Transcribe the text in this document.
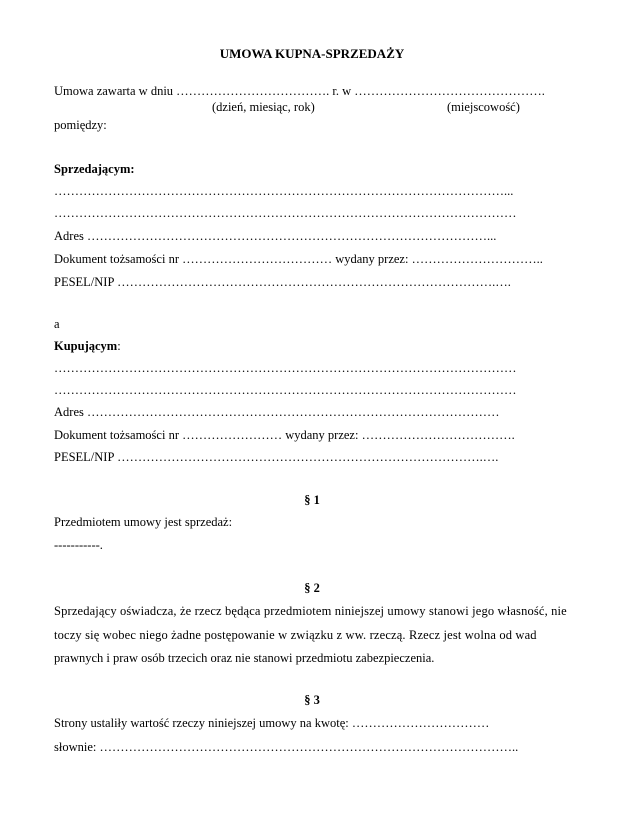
UMOWA KUPNA-SPRZEDAŻY

Umowa zawarta w dniu ………………………………. r. w ……………………………………….

(dzień, miesiąc, rok)	(miejscowość)

pomiędzy:

Sprzedającym:

………………………………………………………………………………………………...

…………………………………………………………………………………………………

Adres ……………………………………………………………………………………...

Dokument tożsamości nr ……………………………… wydany przez: …………………………..

PESEL/NIP ……………………………………………………………………………….….

a

Kupującym:

…………………………………………………………………………………………………

…………………………………………………………………………………………………

Adres ………………………………………………………………………………………

Dokument tożsamości nr …………………… wydany przez: ……………………………….

PESEL/NIP …………………………………………………………………………….….

§ 1

Przedmiotem umowy jest sprzedaż:

-----------.

§ 2

Sprzedający oświadcza, że rzecz będąca przedmiotem niniejszej umowy stanowi jego własność, nie

toczy się wobec niego żadne postępowanie w związku z ww. rzeczą. Rzecz jest wolna od wad

prawnych i praw osób trzecich oraz nie stanowi przedmiotu zabezpieczenia.

§ 3

Strony ustaliły wartość rzeczy niniejszej umowy na kwotę: ……………………………

słownie: ………………………………………………………………………………………..
